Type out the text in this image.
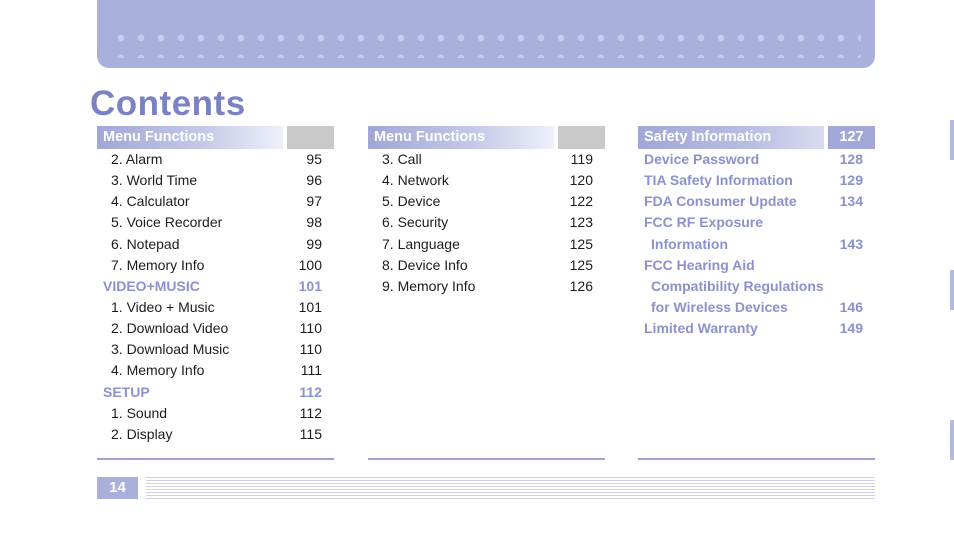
Contents
Menu Functions
2. Alarm	95
3. World Time	96
4. Calculator	97
5. Voice Recorder	98
6. Notepad	99
7. Memory Info	100
VIDEO+MUSIC	101
1. Video + Music	101
2. Download Video	110
3. Download Music	110
4. Memory Info	111
SETUP	112
1. Sound	112
2. Display	115
Menu Functions
3. Call	119
4. Network	120
5. Device	122
6. Security	123
7. Language	125
8. Device Info	125
9. Memory Info	126
Safety Information	127
Device Password	128
TIA Safety Information	129
FDA Consumer Update	134
FCC RF Exposure
Information	143
FCC Hearing Aid
Compatibility Regulations
for Wireless Devices	146
Limited Warranty	149
14
